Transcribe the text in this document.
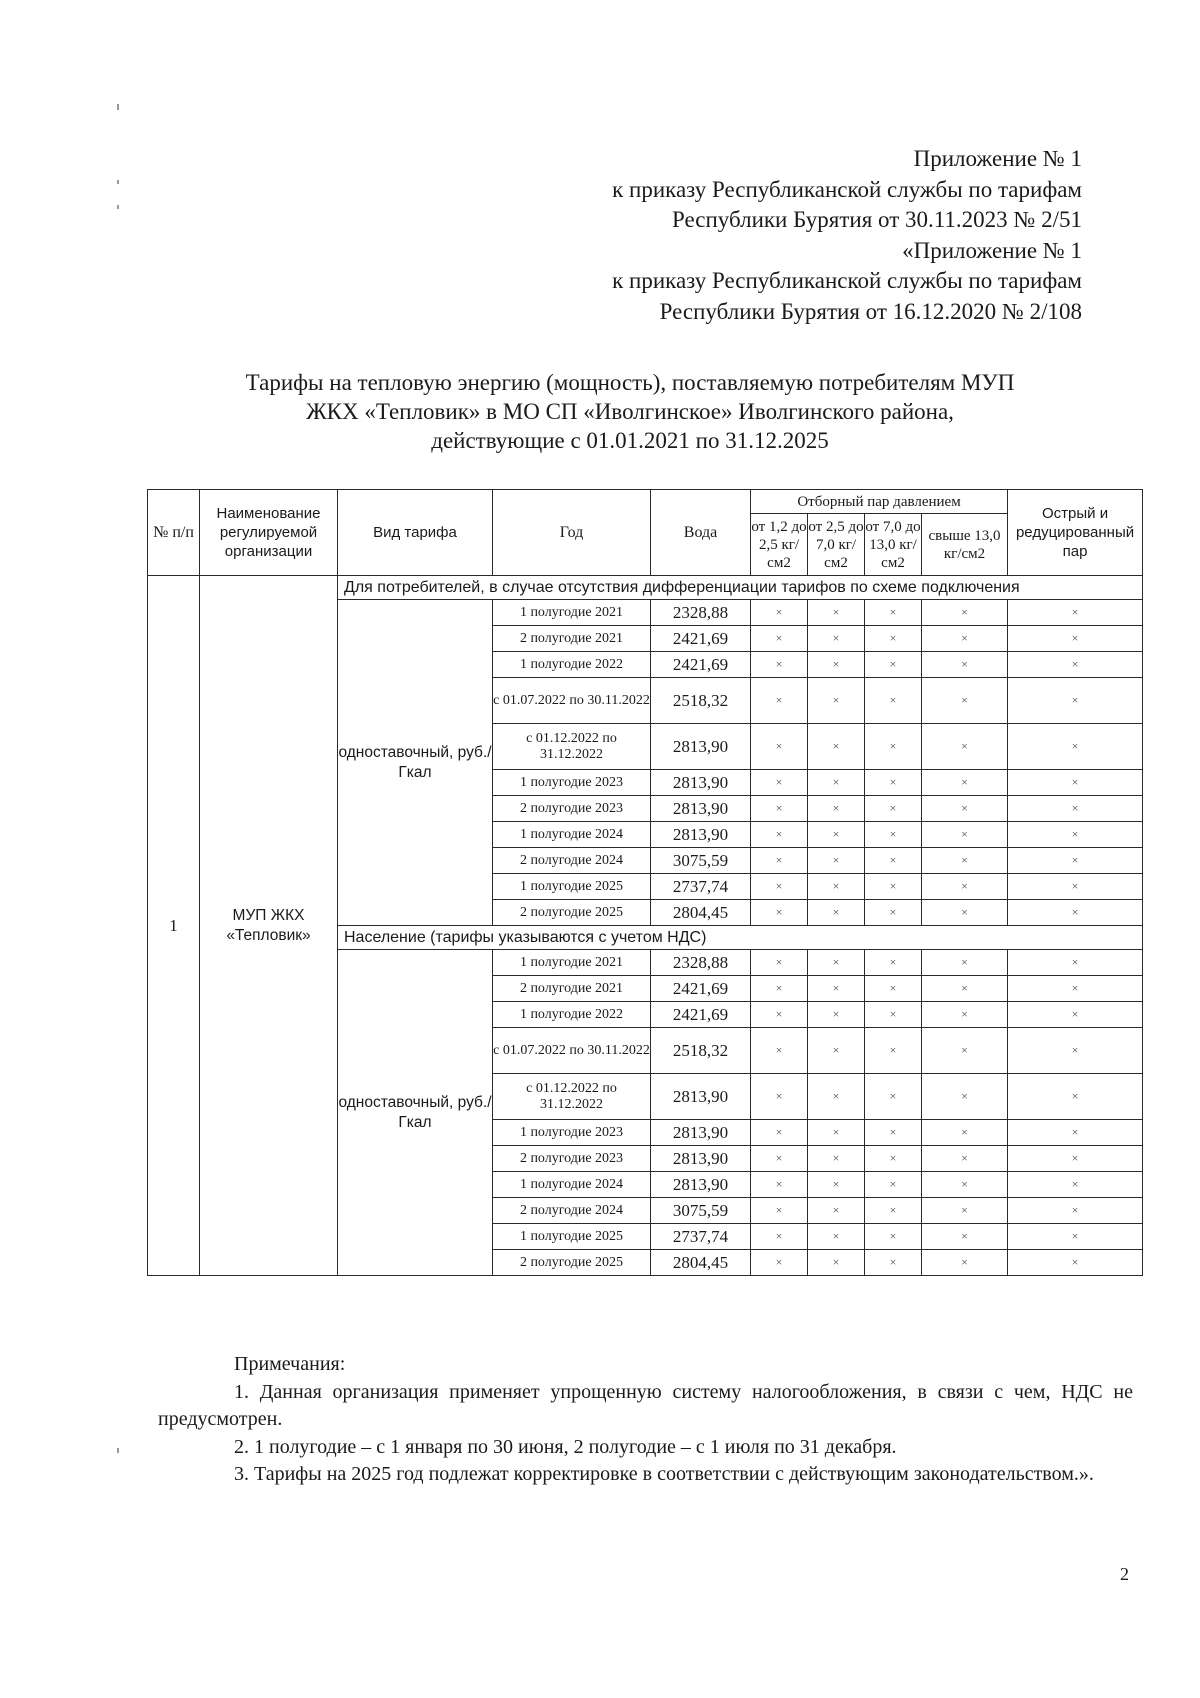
Приложение № 1
к приказу Республиканской службы по тарифам
Республики Бурятия от 30.11.2023 № 2/51
«Приложение № 1
к приказу Республиканской службы по тарифам
Республики Бурятия от 16.12.2020 № 2/108
Тарифы на тепловую энергию (мощность), поставляемую потребителям МУП
ЖКХ «Тепловик» в МО СП «Иволгинское» Иволгинского района,
действующие с 01.01.2021 по 31.12.2025
№ п/п	Наименование регулируемой организации	Вид тарифа	Год	Вода	Отборный пар давлением				Острый и редуцированный пар
					от 1,2 до 2,5 кг/см2	от 2,5 до 7,0 кг/см2	от 7,0 до 13,0 кг/см2	свыше 13,0 кг/см2	
1	МУП ЖКХ «Тепловик»	Для потребителей, в случае отсутствия дифференциации тарифов по схеме подключения							
		одноставочный, руб./Гкал	1 полугодие 2021	2328,88	×	×	×	×	×
			2 полугодие 2021	2421,69	×	×	×	×	×
			1 полугодие 2022	2421,69	×	×	×	×	×
			с 01.07.2022 по 30.11.2022	2518,32	×	×	×	×	×
			с 01.12.2022 по 31.12.2022	2813,90	×	×	×	×	×
			1 полугодие 2023	2813,90	×	×	×	×	×
			2 полугодие 2023	2813,90	×	×	×	×	×
			1 полугодие 2024	2813,90	×	×	×	×	×
			2 полугодие 2024	3075,59	×	×	×	×	×
			1 полугодие 2025	2737,74	×	×	×	×	×
			2 полугодие 2025	2804,45	×	×	×	×	×
		Население (тарифы указываются с учетом НДС)							
		одноставочный, руб./Гкал	1 полугодие 2021	2328,88	×	×	×	×	×
			2 полугодие 2021	2421,69	×	×	×	×	×
			1 полугодие 2022	2421,69	×	×	×	×	×
			с 01.07.2022 по 30.11.2022	2518,32	×	×	×	×	×
			с 01.12.2022 по 31.12.2022	2813,90	×	×	×	×	×
			1 полугодие 2023	2813,90	×	×	×	×	×
			2 полугодие 2023	2813,90	×	×	×	×	×
			1 полугодие 2024	2813,90	×	×	×	×	×
			2 полугодие 2024	3075,59	×	×	×	×	×
			1 полугодие 2025	2737,74	×	×	×	×	×
			2 полугодие 2025	2804,45	×	×	×	×	×

Примечания:

1. Данная организация применяет упрощенную систему налогообложения, в связи с чем, НДС не предусмотрен.

2. 1 полугодие – с 1 января по 30 июня, 2 полугодие – с 1 июля по 31 декабря.

3. Тарифы на 2025 год подлежат корректировке в соответствии с действующим законодательством.».

2
